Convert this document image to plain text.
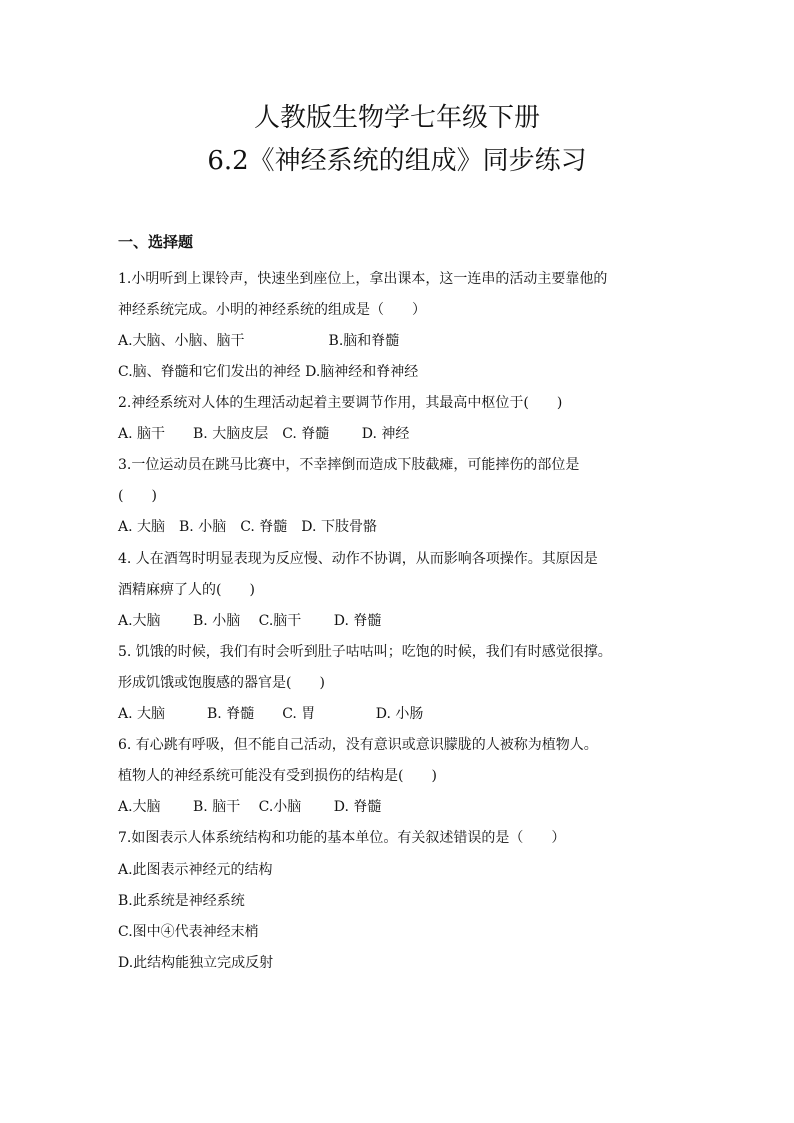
人教版生物学七年级下册
6.2《神经系统的组成》同步练习
一、选择题

1.小明听到上课铃声，快速坐到座位上，拿出课本，这一连串的活动主要靠他的

神经系统完成。小明的神经系统的组成是（　　）

A.大脑、小脑、脑干　　　　　　B.脑和脊髓

C.脑、脊髓和它们发出的神经 D.脑神经和脊神经

2.神经系统对人体的生理活动起着主要调节作用，其最高中枢位于(　　)

A. 脑干　　B. 大脑皮层　C. 脊髓　　 D. 神经

3.一位运动员在跳马比赛中，不幸摔倒而造成下肢截瘫，可能摔伤的部位是

(　　)

A. 大脑　B. 小脑　C. 脊髓　D. 下肢骨骼

4. 人在酒驾时明显表现为反应慢、动作不协调，从而影响各项操作。其原因是

酒精麻痹了人的(　　)

A.大脑　　 B. 小脑　 C.脑干　　 D. 脊髓

5. 饥饿的时候，我们有时会听到肚子咕咕叫；吃饱的时候，我们有时感觉很撑。

形成饥饿或饱腹感的器官是(　　)

A. 大脑　　　B. 脊髓　　C. 胃　　　　 D. 小肠

6. 有心跳有呼吸，但不能自己活动，没有意识或意识朦胧的人被称为植物人。

植物人的神经系统可能没有受到损伤的结构是(　　)

A.大脑　　 B. 脑干　 C.小脑　　 D. 脊髓

7.如图表示人体系统结构和功能的基本单位。有关叙述错误的是（　　）

A.此图表示神经元的结构

B.此系统是神经系统

C.图中④代表神经末梢

D.此结构能独立完成反射
